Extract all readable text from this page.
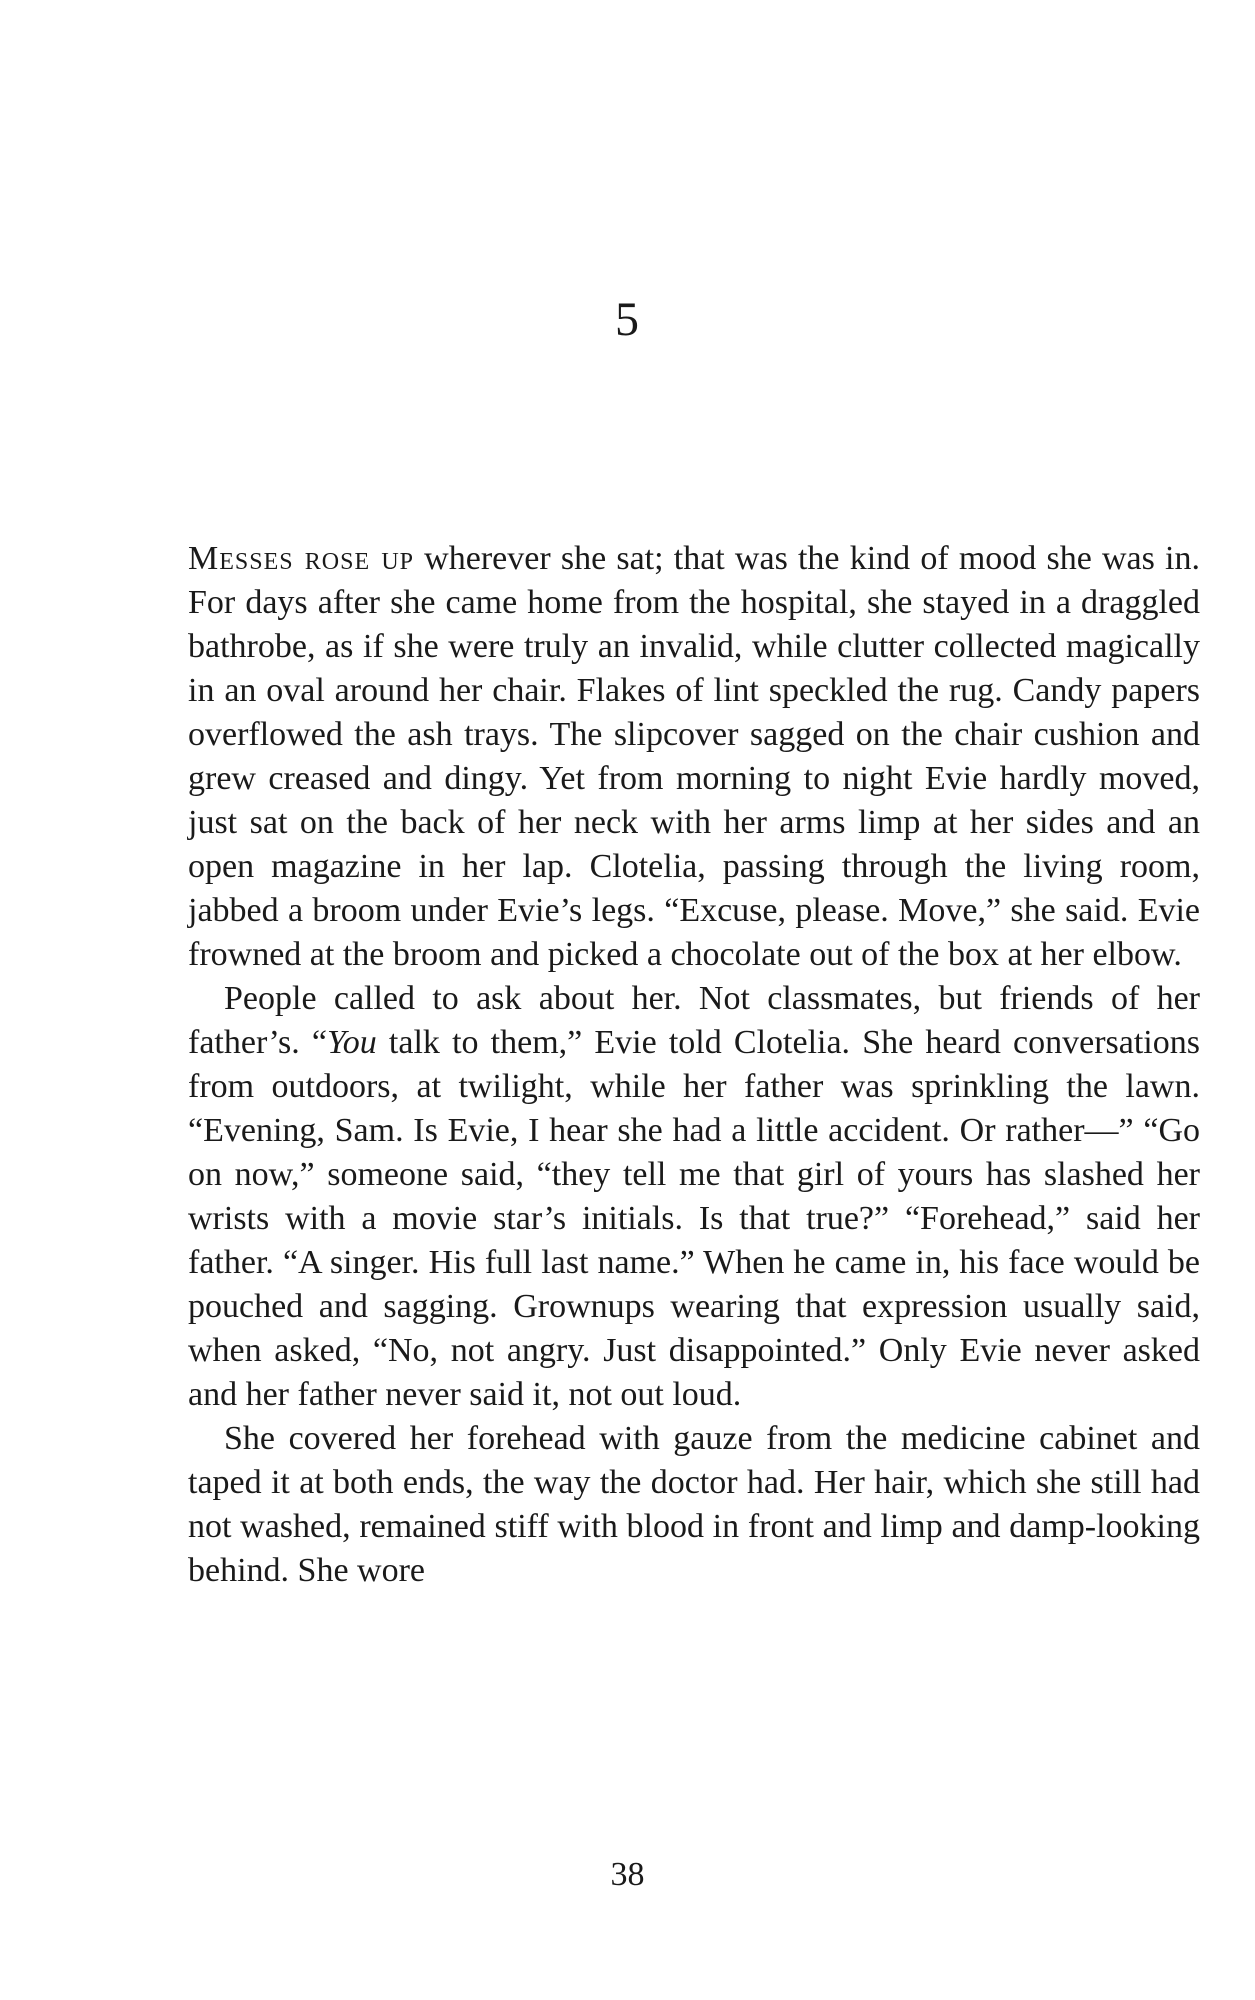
5

Messes rose up wherever she sat; that was the kind of mood she was in. For days after she came home from the hospital, she stayed in a draggled bathrobe, as if she were truly an invalid, while clutter collected magically in an oval around her chair. Flakes of lint speckled the rug. Candy papers overflowed the ash trays. The slipcover sagged on the chair cushion and grew creased and dingy. Yet from morning to night Evie hardly moved, just sat on the back of her neck with her arms limp at her sides and an open magazine in her lap. Clotelia, passing through the living room, jabbed a broom under Evie’s legs. “Excuse, please. Move,” she said. Evie frowned at the broom and picked a chocolate out of the box at her elbow.

People called to ask about her. Not classmates, but friends of her father’s. “You talk to them,” Evie told Clotelia. She heard conversations from outdoors, at twilight, while her father was sprinkling the lawn. “Evening, Sam. Is Evie, I hear she had a little accident. Or rather—” “Go on now,” someone said, “they tell me that girl of yours has slashed her wrists with a movie star’s initials. Is that true?” “Forehead,” said her father. “A singer. His full last name.” When he came in, his face would be pouched and sagging. Grownups wearing that expression usually said, when asked, “No, not angry. Just disappointed.” Only Evie never asked and her father never said it, not out loud.

She covered her forehead with gauze from the medicine cabinet and taped it at both ends, the way the doctor had. Her hair, which she still had not washed, remained stiff with blood in front and limp and damp-looking behind. She wore

38
